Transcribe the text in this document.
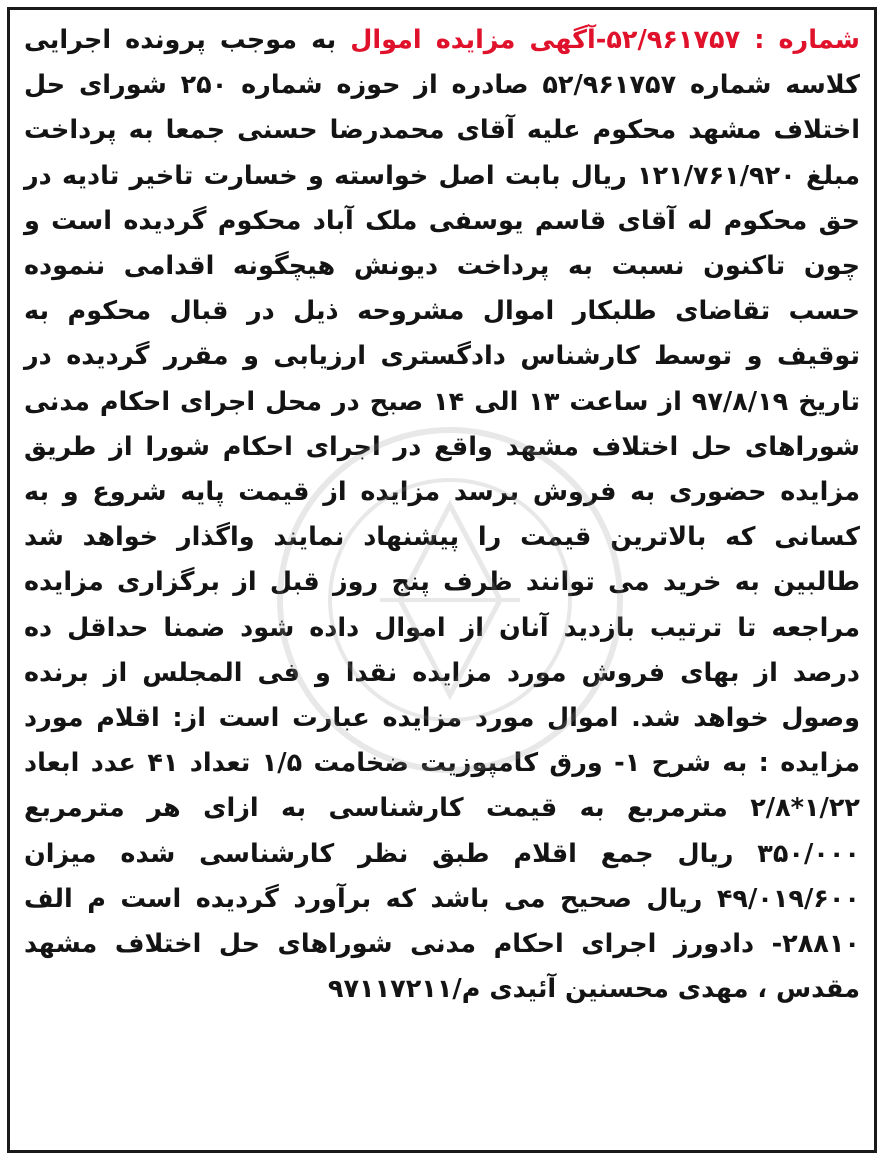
شماره : ۵۲/۹۶۱۷۵۷-آگهی مزایده اموال به موجب پرونده اجرایی کلاسه شماره ۵۲/۹۶۱۷۵۷ صادره از حوزه شماره ۲۵۰ شورای حل اختلاف مشهد محکوم علیه آقای محمدرضا حسنی جمعا به پرداخت مبلغ ۱۲۱/۷۶۱/۹۲۰ ریال بابت اصل خواسته و خسارت تاخیر تادیه در حق محکوم له آقای قاسم یوسفی ملک آباد محکوم گردیده است و چون تاکنون نسبت به پرداخت دیونش هیچگونه اقدامی ننموده حسب تقاضای طلبکار اموال مشروحه ذیل در قبال محکوم به توقیف و توسط کارشناس دادگستری ارزیابی و مقرر گردیده در تاریخ ۹۷/۸/۱۹ از ساعت ۱۳ الی ۱۴ صبح در محل اجرای احکام مدنی شوراهای حل اختلاف مشهد واقع در اجرای احکام شورا از طریق مزایده حضوری به فروش برسد مزایده از قیمت پایه شروع و به کسانی که بالاترین قیمت را پیشنهاد نمایند واگذار خواهد شد طالبین به خرید می توانند ظرف پنج روز قبل از برگزاری مزایده مراجعه تا ترتیب بازدید آنان از اموال داده شود ضمنا حداقل ده درصد از بهای فروش مورد مزایده نقدا و فی المجلس از برنده وصول خواهد شد. اموال مورد مزایده عبارت است از: اقلام مورد مزایده : به شرح ۱- ورق کامپوزیت ضخامت ۱/۵ تعداد ۴۱ عدد ابعاد ۱/۲۲*۲/۸ مترمربع به قیمت کارشناسی به ازای هر مترمربع ۳۵۰/۰۰۰ ریال جمع اقلام طبق نظر کارشناسی شده میزان ۴۹/۰۱۹/۶۰۰ ریال صحیح می باشد که برآورد گردیده است م الف ۲۸۸۱۰- دادورز اجرای احکام مدنی شوراهای حل اختلاف مشهد مقدس ، مهدی محسنین آئیدی م/۹۷۱۱۷۲۱۱
